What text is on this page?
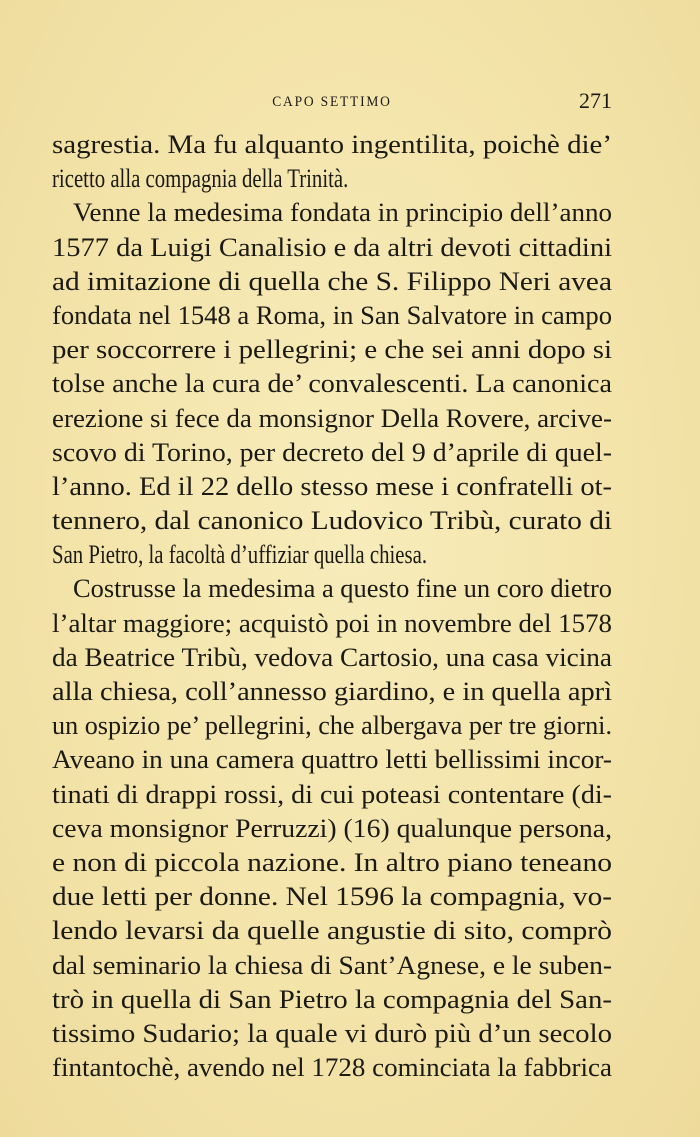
CAPO SETTIMO	271
sagrestia. Ma fu alquanto ingentilita, poichè die’
ricetto alla compagnia della Trinità.
Venne la medesima fondata in principio dell’anno
1577 da Luigi Canalisio e da altri devoti cittadini
ad imitazione di quella che S. Filippo Neri avea
fondata nel 1548 a Roma, in San Salvatore in campo
per soccorrere i pellegrini; e che sei anni dopo si
tolse anche la cura de’ convalescenti. La canonica
erezione si fece da monsignor Della Rovere, arcive-
scovo di Torino, per decreto del 9 d’aprile di quel-
l’anno. Ed il 22 dello stesso mese i confratelli ot-
tennero, dal canonico Ludovico Tribù, curato di
San Pietro, la facoltà d’uffiziar quella chiesa.
Costrusse la medesima a questo fine un coro dietro
l’altar maggiore; acquistò poi in novembre del 1578
da Beatrice Tribù, vedova Cartosio, una casa vicina
alla chiesa, coll’annesso giardino, e in quella aprì
un ospizio pe’ pellegrini, che albergava per tre giorni.
Aveano in una camera quattro letti bellissimi incor-
tinati di drappi rossi, di cui poteasi contentare (di-
ceva monsignor Perruzzi) (16) qualunque persona,
e non di piccola nazione. In altro piano teneano
due letti per donne. Nel 1596 la compagnia, vo-
lendo levarsi da quelle angustie di sito, comprò
dal seminario la chiesa di Sant’Agnese, e le suben-
trò in quella di San Pietro la compagnia del San-
tissimo Sudario; la quale vi durò più d’un secolo
fintantochè, avendo nel 1728 cominciata la fabbrica
